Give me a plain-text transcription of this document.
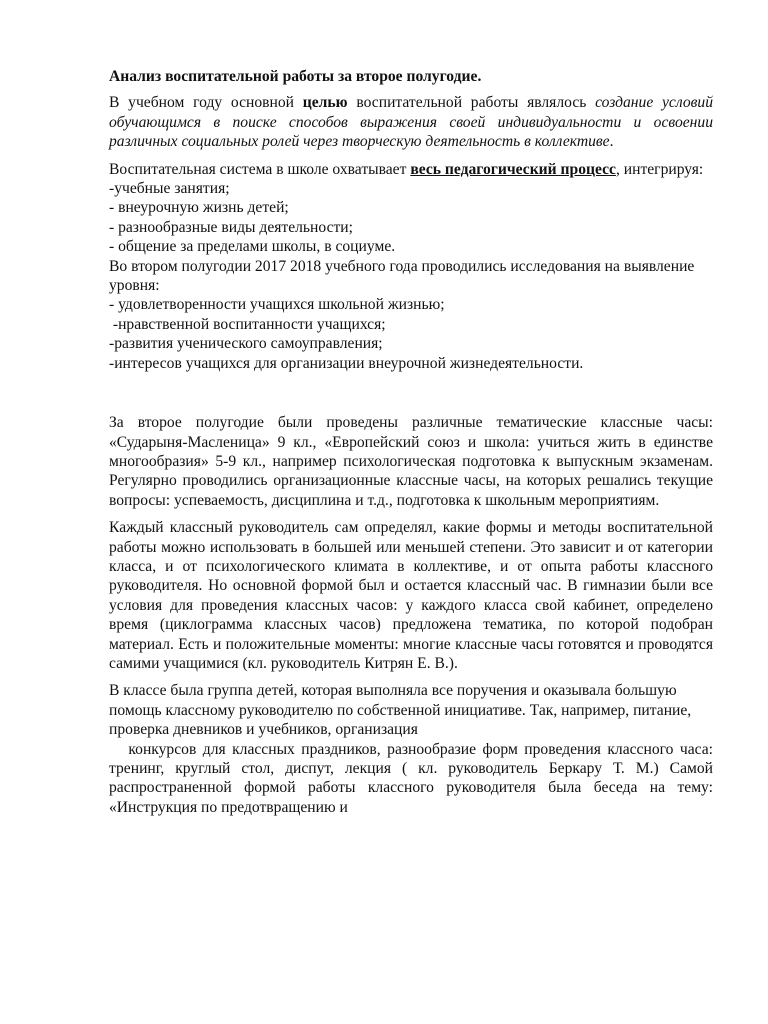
Анализ воспитательной работы за второе полугодие.

В учебном году основной целью воспитательной работы являлось создание условий обучающимся в поиске способов выражения своей индивидуальности и освоении различных социальных ролей через творческую деятельность в коллективе.

Воспитательная система в школе охватывает весь педагогический процесс, интегрируя:

-учебные занятия;
- внеурочную жизнь детей;
- разнообразные виды деятельности;
- общение за пределами школы, в социуме.

Во втором полугодии 2017 2018 учебного года проводились исследования на выявление уровня:

- удовлетворенности учащихся школьной жизнью;
-нравственной воспитанности учащихся;
-развития ученического самоуправления;
-интересов учащихся для организации внеурочной жизнедеятельности.

За второе полугодие были проведены различные тематические классные часы: «Сударыня-Масленица» 9 кл., «Европейский союз и школа: учиться жить в единстве многообразия» 5-9 кл., например психологическая подготовка к выпускным экзаменам. Регулярно проводились организационные классные часы, на которых решались текущие вопросы: успеваемость, дисциплина и т.д., подготовка к школьным мероприятиям.

Каждый классный руководитель сам определял, какие формы и методы воспитательной работы можно использовать в большей или меньшей степени. Это зависит и от категории класса, и от психологического климата в коллективе, и от опыта работы классного руководителя. Но основной формой был и остается классный час. В гимназии были все условия для проведения классных часов: у каждого класса свой кабинет, определено время (циклограмма классных часов) предложена тематика, по которой подобран материал. Есть и положительные моменты: многие классные часы готовятся и проводятся самими учащимися (кл. руководитель Китрян Е. В.).

В классе была группа детей, которая выполняла все поручения и оказывала большую помощь классному руководителю по собственной инициативе. Так, например, питание, проверка дневников и учебников, организация

конкурсов для классных праздников, разнообразие форм проведения классного часа: тренинг, круглый стол, диспут, лекция ( кл. руководитель Беркару Т. М.) Самой распространенной формой работы классного руководителя была беседа на тему: «Инструкция по предотвращению и
